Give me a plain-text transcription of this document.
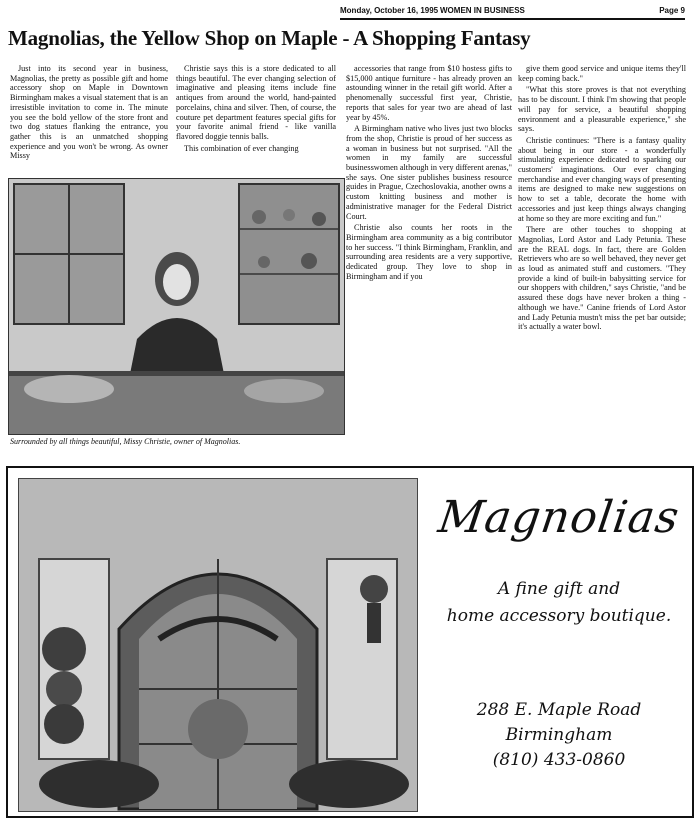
Monday, October 16, 1995 WOMEN IN BUSINESS	Page 9
Magnolias, the Yellow Shop on Maple - A Shopping Fantasy

Just into its second year in business, Magnolias, the pretty as possible gift and home accessory shop on Maple in Downtown Birmingham makes a visual statement that is an irresistible invitation to come in. The minute you see the bold yellow of the store front and two dog statues flanking the entrance, you gather this is an unmatched shopping experience and you won't be wrong. As owner Missy

Christie says this is a store dedicated to all things beautiful. The ever changing selection of imaginative and pleasing items include fine antiques from around the world, hand-painted porcelains, china and silver. Then, of course, the couture pet department features special gifts for your favorite animal friend - like vanilla flavored doggie tennis balls.

This combination of ever changing

Surrounded by all things beautiful, Missy Christie, owner of Magnolias.

accessories that range from $10 hostess gifts to $15,000 antique furniture - has already proven an astounding winner in the retail gift world. After a phenomenally successful first year, Christie, reports that sales for year two are ahead of last year by 45%.

A Birmingham native who lives just two blocks from the shop, Christie is proud of her success as a woman in business but not surprised. "All the women in my family are successful businesswomen although in very different arenas," she says. One sister publishes business resource guides in Prague, Czechoslovakia, another owns a custom knitting business and mother is administrative manager for the Federal District Court.

Christie also counts her roots in the Birmingham area community as a big contributor to her success. "I think Birmingham, Franklin, and surrounding area residents are a very supportive, dedicated group. They love to shop in Birmingham and if you

give them good service and unique items they'll keep coming back."

"What this store proves is that not everything has to be discount. I think I'm showing that people will pay for service, a beautiful shopping environment and a pleasurable experience," she says.

Christie continues: "There is a fantasy quality about being in our store - a wonderfully stimulating experience dedicated to sparking our customers' imaginations. Our ever changing merchandise and ever changing ways of presenting items are designed to make new suggestions on how to set a table, decorate the home with accessories and just keep things always changing at home so they are more exciting and fun."

There are other touches to shopping at Magnolias, Lord Astor and Lady Petunia. These are the REAL dogs. In fact, there are Golden Retrievers who are so well behaved, they never get as loud as animated stuff and customers. "They provide a kind of built-in babysitting service for our shoppers with children," says Christie, "and be assured these dogs have never broken a thing - although we have." Canine friends of Lord Astor and Lady Petunia mustn't miss the pet bar outside; it's actually a water bowl.

Magnolias
A fine gift and
home accessory boutique.
288 E. Maple Road
Birmingham
(810) 433-0860
